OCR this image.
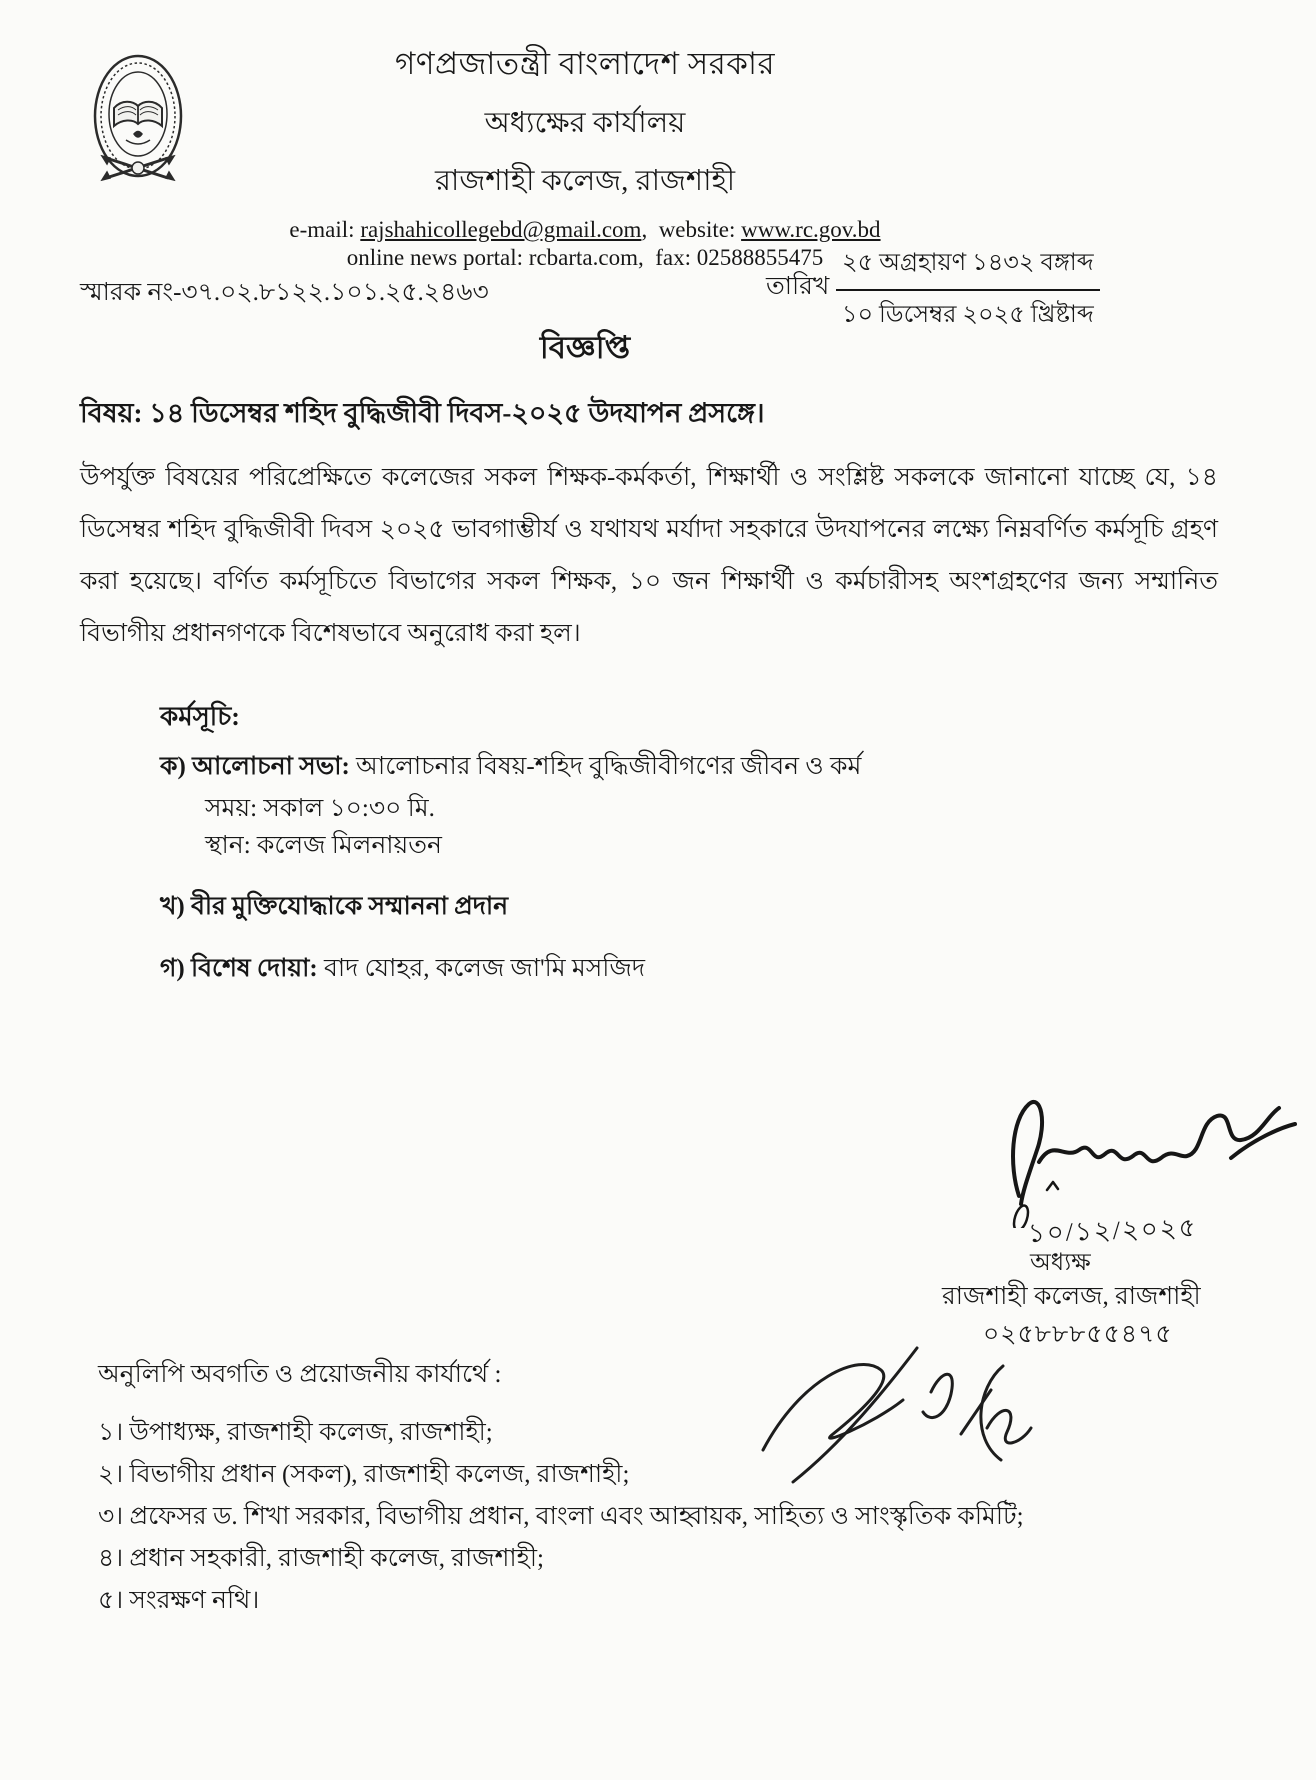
গণপ্রজাতন্ত্রী বাংলাদেশ সরকার
অধ্যক্ষের কার্যালয়
রাজশাহী কলেজ, রাজশাহী
e-mail: rajshahicollegebd@gmail.com, website: www.rc.gov.bd
online news portal: rcbarta.com, fax: 02588855475
স্মারক নং-৩৭.০২.৮১২২.১০১.২৫.২৪৬৩	তারিখ
২৫ অগ্রহায়ণ ১৪৩২ বঙ্গাব্দ
১০ ডিসেম্বর ২০২৫ খ্রিষ্টাব্দ
বিজ্ঞপ্তি
বিষয়: ১৪ ডিসেম্বর শহিদ বুদ্ধিজীবী দিবস-২০২৫ উদযাপন প্রসঙ্গে।
উপর্যুক্ত বিষয়ের পরিপ্রেক্ষিতে কলেজের সকল শিক্ষক-কর্মকর্তা, শিক্ষার্থী ও সংশ্লিষ্ট সকলকে জানানো যাচ্ছে যে, ১৪ ডিসেম্বর শহিদ বুদ্ধিজীবী দিবস ২০২৫ ভাবগাম্ভীর্য ও যথাযথ মর্যাদা সহকারে উদযাপনের লক্ষ্যে নিম্নবর্ণিত কর্মসূচি গ্রহণ করা হয়েছে। বর্ণিত কর্মসূচিতে বিভাগের সকল শিক্ষক, ১০ জন শিক্ষার্থী ও কর্মচারীসহ অংশগ্রহণের জন্য সম্মানিত বিভাগীয় প্রধানগণকে বিশেষভাবে অনুরোধ করা হল।
কর্মসূচি:
ক) আলোচনা সভা: আলোচনার বিষয়-শহিদ বুদ্ধিজীবীগণের জীবন ও কর্ম
সময়: সকাল ১০:৩০ মি.
স্থান: কলেজ মিলনায়তন
খ) বীর মুক্তিযোদ্ধাকে সম্মাননা প্রদান
গ) বিশেষ দোয়া: বাদ যোহর, কলেজ জা'মি মসজিদ
১০/১২/২০২৫
অধ্যক্ষ
রাজশাহী কলেজ, রাজশাহী
০২৫৮৮৮৫৫৪৭৫
অনুলিপি অবগতি ও প্রয়োজনীয় কার্যার্থে :
১। উপাধ্যক্ষ, রাজশাহী কলেজ, রাজশাহী;
২। বিভাগীয় প্রধান (সকল), রাজশাহী কলেজ, রাজশাহী;
৩। প্রফেসর ড. শিখা সরকার, বিভাগীয় প্রধান, বাংলা এবং আহ্বায়ক, সাহিত্য ও সাংস্কৃতিক কমিটি;
৪। প্রধান সহকারী, রাজশাহী কলেজ, রাজশাহী;
৫। সংরক্ষণ নথি।
